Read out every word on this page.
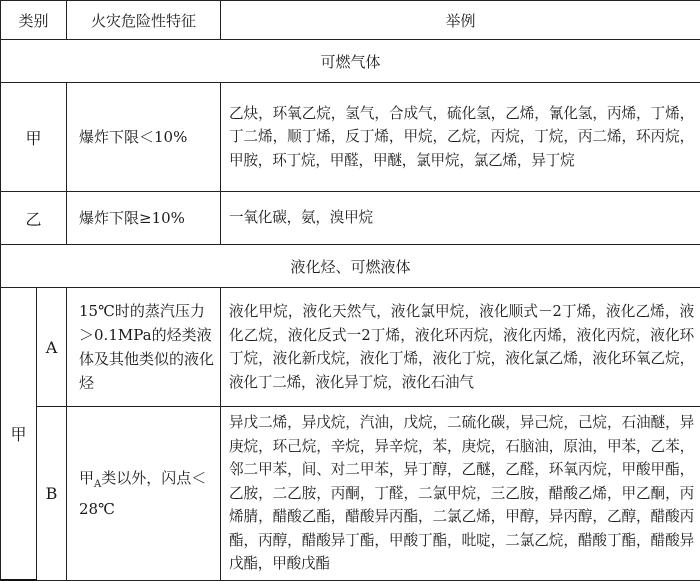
类别		火灾危险性特征	举例
可燃气体			
甲		爆炸下限＜10%	乙炔，环氧乙烷，氢气，合成气，硫化氢，乙烯，氰化氢，丙烯，丁烯，丁二烯，顺丁烯，反丁烯，甲烷，乙烷，丙烷，丁烷，丙二烯，环丙烷，甲胺，环丁烷，甲醛，甲醚，氯甲烷，氯乙烯，异丁烷
乙		爆炸下限≥10%	一氧化碳，氨，溴甲烷
液化烃、可燃液体			
甲	A	15℃时的蒸汽压力＞0.1MPa的烃类液体及其他类似的液化烃	液化甲烷，液化天然气，液化氯甲烷，液化顺式－2丁烯，液化乙烯，液化乙烷，液化反式一2丁烯，液化环丙烷，液化丙烯，液化丙烷，液化环丁烷，液化新戊烷，液化丁烯，液化丁烷，液化氯乙烯，液化环氧乙烷，液化丁二烯，液化异丁烷，液化石油气
	B	甲$_A$类以外，闪点＜28℃	异戊二烯，异戊烷，汽油，戊烷，二硫化碳，异己烷，己烷，石油醚，异庚烷，环己烷，辛烷，异辛烷，苯，庚烷，石脑油，原油，甲苯，乙苯，邻二甲苯，间、对二甲苯，异丁醇，乙醚，乙醛，环氧丙烷，甲酸甲酯，乙胺，二乙胺，丙酮，丁醛，二氯甲烷，三乙胺，醋酸乙烯，甲乙酮，丙烯腈，醋酸乙酯，醋酸异丙酯，二氯乙烯，甲醇，异丙醇，乙醇，醋酸丙酯，丙醇，醋酸异丁酯，甲酸丁酯，吡啶，二氯乙烷，醋酸丁酯，醋酸异戊酯，甲酸戊酯
